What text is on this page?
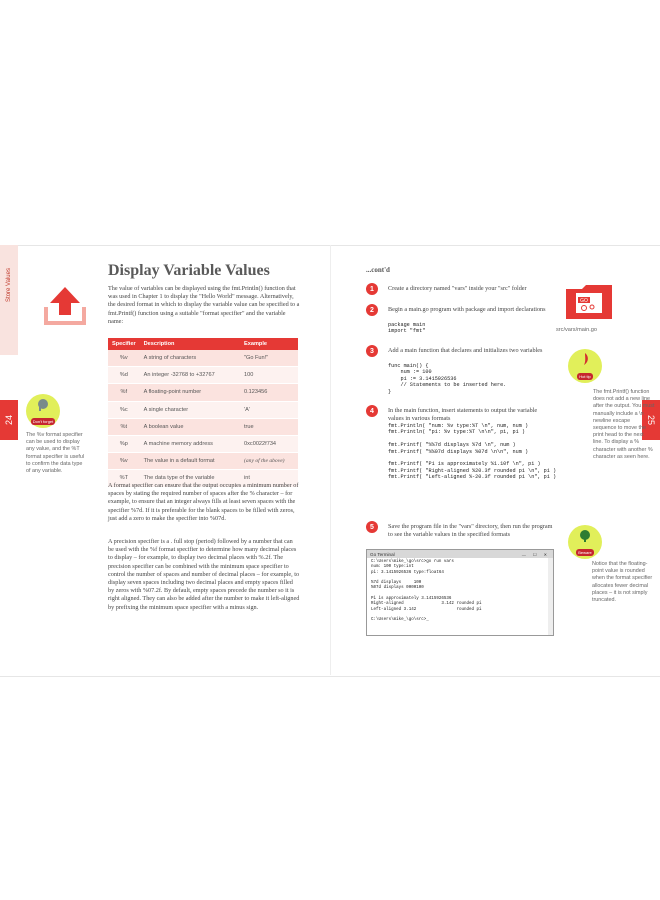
Store Values
24
Display Variable Values
The value of variables can be displayed using the fmt.Println() function that was used in Chapter 1 to display the "Hello World" message. Alternatively, the desired format in which to display the variable value can be specified to a fmt.Printf() function using a suitable "format specifier" and the variable name:
Specifier	Description	Example
%v	A string of characters	"Go Fun!"
%d	An integer -32768 to +32767	100
%f	A floating-point number	0.123456
%c	A single character	'A'
%t	A boolean value	true
%p	A machine memory address	0xc0022f734
%v	The value in a default format	(any of the above)
%T	The data type of the variable	int
A format specifier can ensure that the output occupies a minimum number of spaces by stating the required number of spaces after the % character – for example, to ensure that an integer always fills at least seven spaces with the specifier %7d. If it is preferable for the blank spaces to be filled with zeros, just add a zero to make the specifier into %07d.
A precision specifier is a . full stop (period) followed by a number that can be used with the %f format specifier to determine how many decimal places to display – for example, to display two decimal places with %.2f. The precision specifier can be combined with the minimum space specifier to control the number of spaces and number of decimal places – for example, to display seven spaces including two decimal places and empty spaces filled by zeros with %07.2f. By default, empty spaces precede the number so it is right aligned. They can also be added after the number to make it left-aligned by prefixing the minimum space specifier with a minus sign.
Don't forget
The %v format specifier can be used to display any value, and the %T format specifier is useful to confirm the data type of any variable.
25
...cont'd
1	Create a directory named "vars" inside your "src" folder
2	Begin a main.go program with package and import declarations
package main
import "fmt"
3	Add a main function that declares and initializes two variables
func main() {
num := 100
pi := 3.1415926536
// Statements to be inserted here.
}
4	In the main function, insert statements to output the variable values in various formats
fmt.Println( "num: %v type:%T \n", num, num )
fmt.Println( "pi: %v type:%T \n\n", pi, pi )

fmt.Printf( "%%7d displays %7d \n", num )
fmt.Printf( "%%07d displays %07d \n\n", num )

fmt.Printf( "Pi is approximately %1.10f \n", pi )
fmt.Printf( "Right-aligned %20.3f rounded pi \n", pi )
fmt.Printf( "Left-aligned %-20.3f rounded pi \n", pi )
5	Save the program file in the "vars" directory, then run the program to see the variable values in the specified formats
Go Terminal	— ☐ ✕
C:\Users\mike_\go\src>go run vars
num: 100 type:int
pi: 3.1415926536 type:float64

%7d displays     100
%07d displays 0000100

Pi is approximately 3.1415926536
Right-aligned               3.142 rounded pi
Left-aligned 3.142                rounded pi

C:\Users\mike_\go\src>_
GO
src/vars/main.go
Hot tip
The fmt.Printf() function does not add a new line after the output. You must manually include a \n newline escape sequence to move the print head to the next line. To display a % character with another % character as seen here.
Beware
Notice that the floating-point value is rounded when the format specifier allocates fewer decimal places – it is not simply truncated.
